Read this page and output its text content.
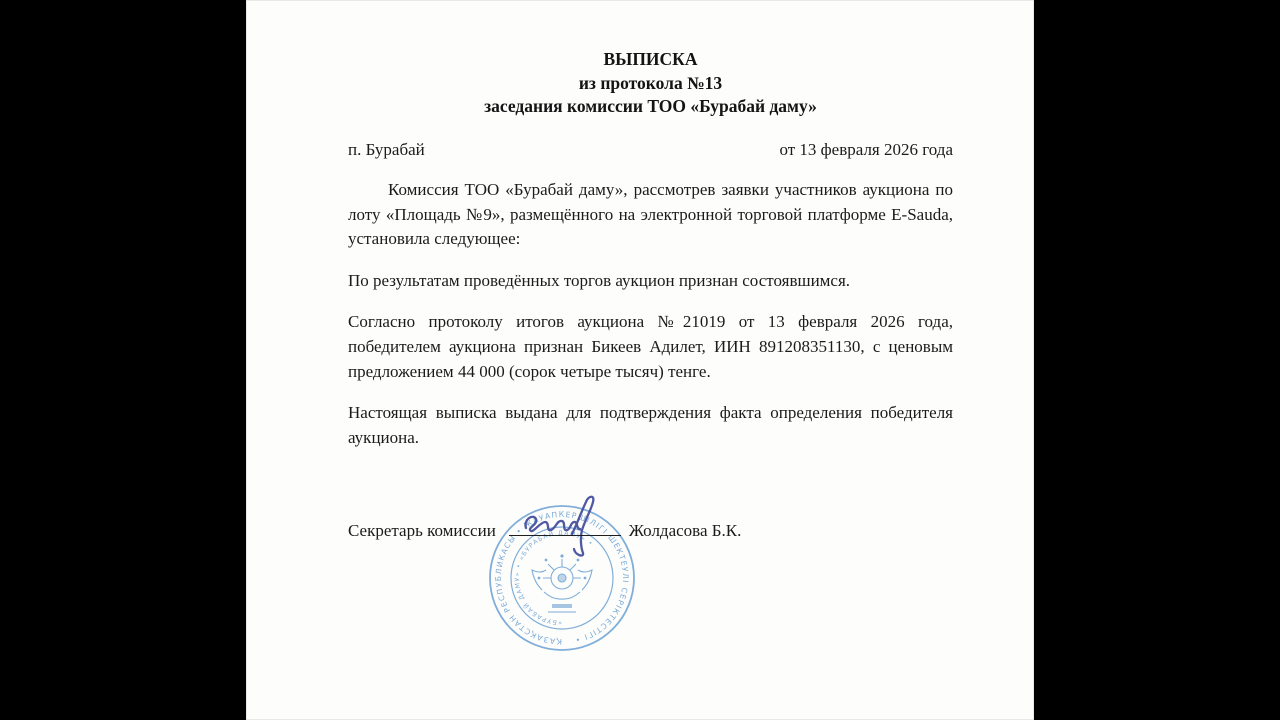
ВЫПИСКА
из протокола №13
заседания комиссии ТОО «Бурабай даму»
п. Бурабай	от 13 февраля 2026 года

Комиссия ТОО «Бурабай даму», рассмотрев заявки участников аукциона по лоту «Площадь №9», размещённого на электронной торговой платформе E-Sauda, установила следующее:

По результатам проведённых торгов аукцион признан состоявшимся.

Согласно протоколу итогов аукциона №21019 от 13 февраля 2026 года, победителем аукциона признан Бикеев Адилет, ИИН 891208351130, с ценовым предложением 44 000 (сорок четыре тысяч) тенге.

Настоящая выписка выдана для подтверждения факта определения победителя аукциона.

Секретарь комиссии	Жолдасова Б.К.
ҚАЗАҚСТАН РЕСПУБЛИКАСЫ • ЖАУАПКЕРШІЛІГІ ШЕКТЕУЛІ СЕРІКТЕСТІГІ •
«БУРАБАЙ ДАМУ» • «БУРАБАЙ ДАМУ» •
